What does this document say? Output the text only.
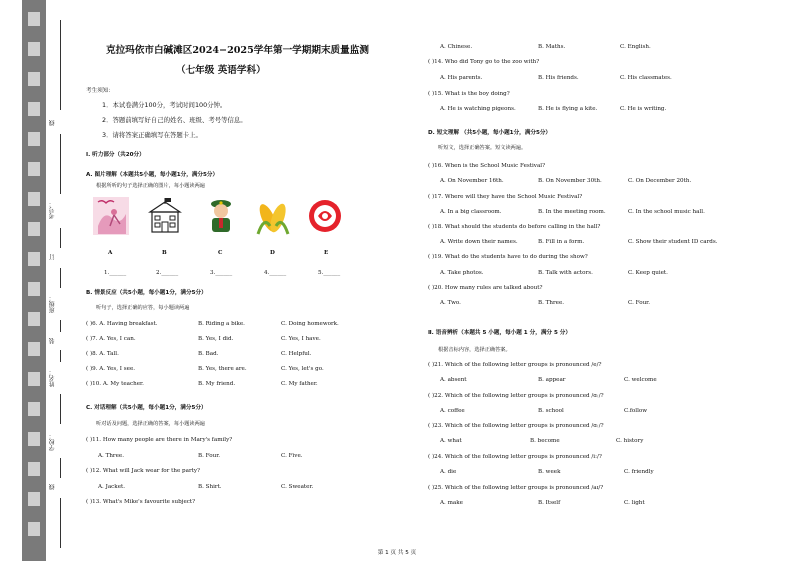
线
考号：
订
班级：
装
姓名：
学校：
线
克拉玛依市白碱滩区2024−2025学年第一学期期末质量监测
（七年级 英语学科）
考生须知：
1．本试卷满分100分，考试时间100分钟。
2．答题前填写好自己的姓名、班级、考号等信息。
3．请将答案正确填写在答题卡上。
I. 听力部分（共20分）
A. 图片理解（本题共5小题，每小题1分，满分5分）
根据所听的句子选择正确的图片，每小题读两遍
A	B	C	D	E
1.______	2.______	3.______	4.______	5.______
B. 情景反应（共5小题，每小题1分，满分5分）
听句子，选择正确的应答，每小题读两遍
( )6. A. Having breakfast.	B. Riding a bike.	C. Doing homework.
( )7. A. Yes, I can.	B. Yes, I did.	C. Yes, I have.
( )8. A. Tall.	B. Bad.	C. Helpful.
( )9. A. Yes, I see.	B. Yes, there are.	C. Yes, let's go.
( )10. A. My teacher.	B. My friend.	C. My father.
C. 对话理解（共5小题，每小题1分，满分5分）
听对话及问题，选择正确的答案，每小题读两遍
( )11. How many people are there in Mary's family?
A. Three.	B. Four.	C. Five.
( )12. What will Jack wear for the party?
A. Jacket.	B. Shirt.	C. Sweater.
( )13. What's Mike's favourite subject?
A. Chinese.	B. Maths.	C. English.
( )14. Who did Tony go to the zoo with?
A. His parents.	B. His friends.	C. His classmates.
( )15. What is the boy doing?
A. He is watching pigeons.	B. He is flying a kite.	C. He is writing.
D. 短文理解 （共5小题，每小题1分，满分5分）
听短文，选择正确答案。短文读两遍。
( )16. When is the School Music Festival?
A. On November 16th.	B. On November 30th.	C. On December 20th.
( )17. Where will they have the School Music Festival?
A. In a big classroom.	B. In the meeting room.	C. In the school music hall.
( )18. What should the students do before calling in the hall?
A. Write down their names.	B. Fill in a form.	C. Show their student ID cards.
( )19. What do the students have to do during the show?
A. Take photos.	B. Talk with actors.	C. Keep quiet.
( )20. How many rules are talked about?
A. Two.	B. Three.	C. Four.
Ⅱ. 语音辨析（本题共 5 小题，每小题 1 分，满分 5 分）
根据音标内容，选择正确答案。
( )21. Which of the following letter groups is pronounced /e/?
A. absent	B. appear	C. welcome
( )22. Which of the following letter groups is pronounced /ɑː/?
A. coffee	B. school	C.follow
( )23. Which of the following letter groups is pronounced /ɑː/?
A. what	B. become	C. history
( )24. Which of the following letter groups is pronounced /i:/?
A. die	B. week	C. friendly
( )25. Which of the following letter groups is pronounced /aɪ/?
A. make	B. Itself	C. light
第 1 页 共 5 页
